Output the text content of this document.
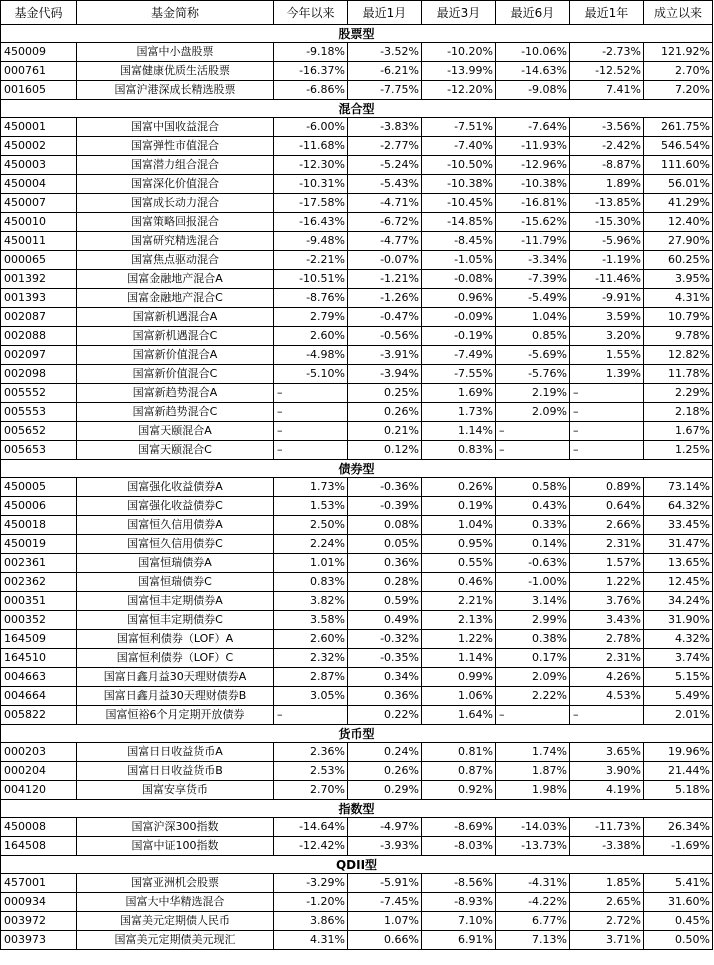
基金代码	基金简称	今年以来	最近1月	最近3月	最近6月	最近1年	成立以来
股票型							
450009	国富中小盘股票	-9.18%	-3.52%	-10.20%	-10.06%	-2.73%	121.92%
000761	国富健康优质生活股票	-16.37%	-6.21%	-13.99%	-14.63%	-12.52%	2.70%
001605	国富沪港深成长精选股票	-6.86%	-7.75%	-12.20%	-9.08%	7.41%	7.20%
混合型							
450001	国富中国收益混合	-6.00%	-3.83%	-7.51%	-7.64%	-3.56%	261.75%
450002	国富弹性市值混合	-11.68%	-2.77%	-7.40%	-11.93%	-2.42%	546.54%
450003	国富潜力组合混合	-12.30%	-5.24%	-10.50%	-12.96%	-8.87%	111.60%
450004	国富深化价值混合	-10.31%	-5.43%	-10.38%	-10.38%	1.89%	56.01%
450007	国富成长动力混合	-17.58%	-4.71%	-10.45%	-16.81%	-13.85%	41.29%
450010	国富策略回报混合	-16.43%	-6.72%	-14.85%	-15.62%	-15.30%	12.40%
450011	国富研究精选混合	-9.48%	-4.77%	-8.45%	-11.79%	-5.96%	27.90%
000065	国富焦点驱动混合	-2.21%	-0.07%	-1.05%	-3.34%	-1.19%	60.25%
001392	国富金融地产混合A	-10.51%	-1.21%	-0.08%	-7.39%	-11.46%	3.95%
001393	国富金融地产混合C	-8.76%	-1.26%	0.96%	-5.49%	-9.91%	4.31%
002087	国富新机遇混合A	2.79%	-0.47%	-0.09%	1.04%	3.59%	10.79%
002088	国富新机遇混合C	2.60%	-0.56%	-0.19%	0.85%	3.20%	9.78%
002097	国富新价值混合A	-4.98%	-3.91%	-7.49%	-5.69%	1.55%	12.82%
002098	国富新价值混合C	-5.10%	-3.94%	-7.55%	-5.76%	1.39%	11.78%
005552	国富新趋势混合A	–	0.25%	1.69%	2.19%	–	2.29%
005553	国富新趋势混合C	–	0.26%	1.73%	2.09%	–	2.18%
005652	国富天颐混合A	–	0.21%	1.14%	–	–	1.67%
005653	国富天颐混合C	–	0.12%	0.83%	–	–	1.25%
债券型							
450005	国富强化收益债券A	1.73%	-0.36%	0.26%	0.58%	0.89%	73.14%
450006	国富强化收益债券C	1.53%	-0.39%	0.19%	0.43%	0.64%	64.32%
450018	国富恒久信用债券A	2.50%	0.08%	1.04%	0.33%	2.66%	33.45%
450019	国富恒久信用债券C	2.24%	0.05%	0.95%	0.14%	2.31%	31.47%
002361	国富恒瑞债券A	1.01%	0.36%	0.55%	-0.63%	1.57%	13.65%
002362	国富恒瑞债券C	0.83%	0.28%	0.46%	-1.00%	1.22%	12.45%
000351	国富恒丰定期债券A	3.82%	0.59%	2.21%	3.14%	3.76%	34.24%
000352	国富恒丰定期债券C	3.58%	0.49%	2.13%	2.99%	3.43%	31.90%
164509	国富恒利债券（LOF）A	2.60%	-0.32%	1.22%	0.38%	2.78%	4.32%
164510	国富恒利债券（LOF）C	2.32%	-0.35%	1.14%	0.17%	2.31%	3.74%
004663	国富日鑫月益30天理财债券A	2.87%	0.34%	0.99%	2.09%	4.26%	5.15%
004664	国富日鑫月益30天理财债券B	3.05%	0.36%	1.06%	2.22%	4.53%	5.49%
005822	国富恒裕6个月定期开放债券	–	0.22%	1.64%	–	–	2.01%
货币型							
000203	国富日日收益货币A	2.36%	0.24%	0.81%	1.74%	3.65%	19.96%
000204	国富日日收益货币B	2.53%	0.26%	0.87%	1.87%	3.90%	21.44%
004120	国富安享货币	2.70%	0.29%	0.92%	1.98%	4.19%	5.18%
指数型							
450008	国富沪深300指数	-14.64%	-4.97%	-8.69%	-14.03%	-11.73%	26.34%
164508	国富中证100指数	-12.42%	-3.93%	-8.03%	-13.73%	-3.38%	-1.69%
QDII型							
457001	国富亚洲机会股票	-3.29%	-5.91%	-8.56%	-4.31%	1.85%	5.41%
000934	国富大中华精选混合	-1.20%	-7.45%	-8.93%	-4.22%	2.65%	31.60%
003972	国富美元定期债人民币	3.86%	1.07%	7.10%	6.77%	2.72%	0.45%
003973	国富美元定期债美元现汇	4.31%	0.66%	6.91%	7.13%	3.71%	0.50%
